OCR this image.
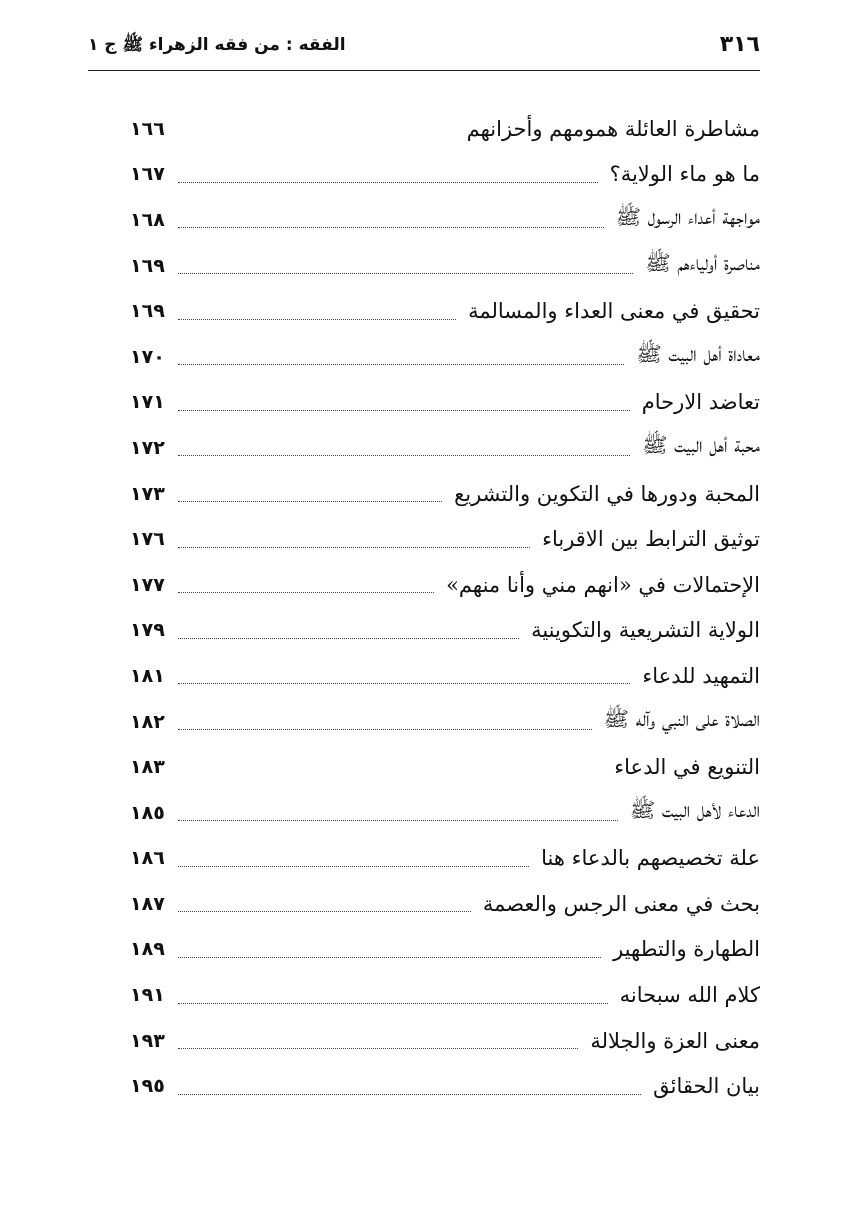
٣١٦
الفقه : من فقه الزهراء ﷺ ج ١
مشاطرة العائلة همومهم وأحزانهم
١٦٦
ما هو ماء الولاية؟
١٦٧
مواجهة أعداء الرسول ﷺ
١٦٨
مناصرة أولياءهم ﷺ
١٦٩
تحقيق في معنى العداء والمسالمة
١٦٩
معاداة أهل البيت ﷺ
١٧٠
تعاضد الارحام
١٧١
محبة أهل البيت ﷺ
١٧٢
المحبة ودورها في التكوين والتشريع
١٧٣
توثيق الترابط بين الاقرباء
١٧٦
الإحتمالات في «انهم مني وأنا منهم»
١٧٧
الولاية التشريعية والتكوينية
١٧٩
التمهيد للدعاء
١٨١
الصلاة على النبي وآله ﷺ
١٨٢
التنويع في الدعاء
١٨٣
الدعاء لأهل البيت ﷺ
١٨٥
علة تخصيصهم بالدعاء هنا
١٨٦
بحث في معنى الرجس والعصمة
١٨٧
الطهارة والتطهير
١٨٩
كلام الله سبحانه
١٩١
معنى العزة والجلالة
١٩٣
بيان الحقائق
١٩٥
